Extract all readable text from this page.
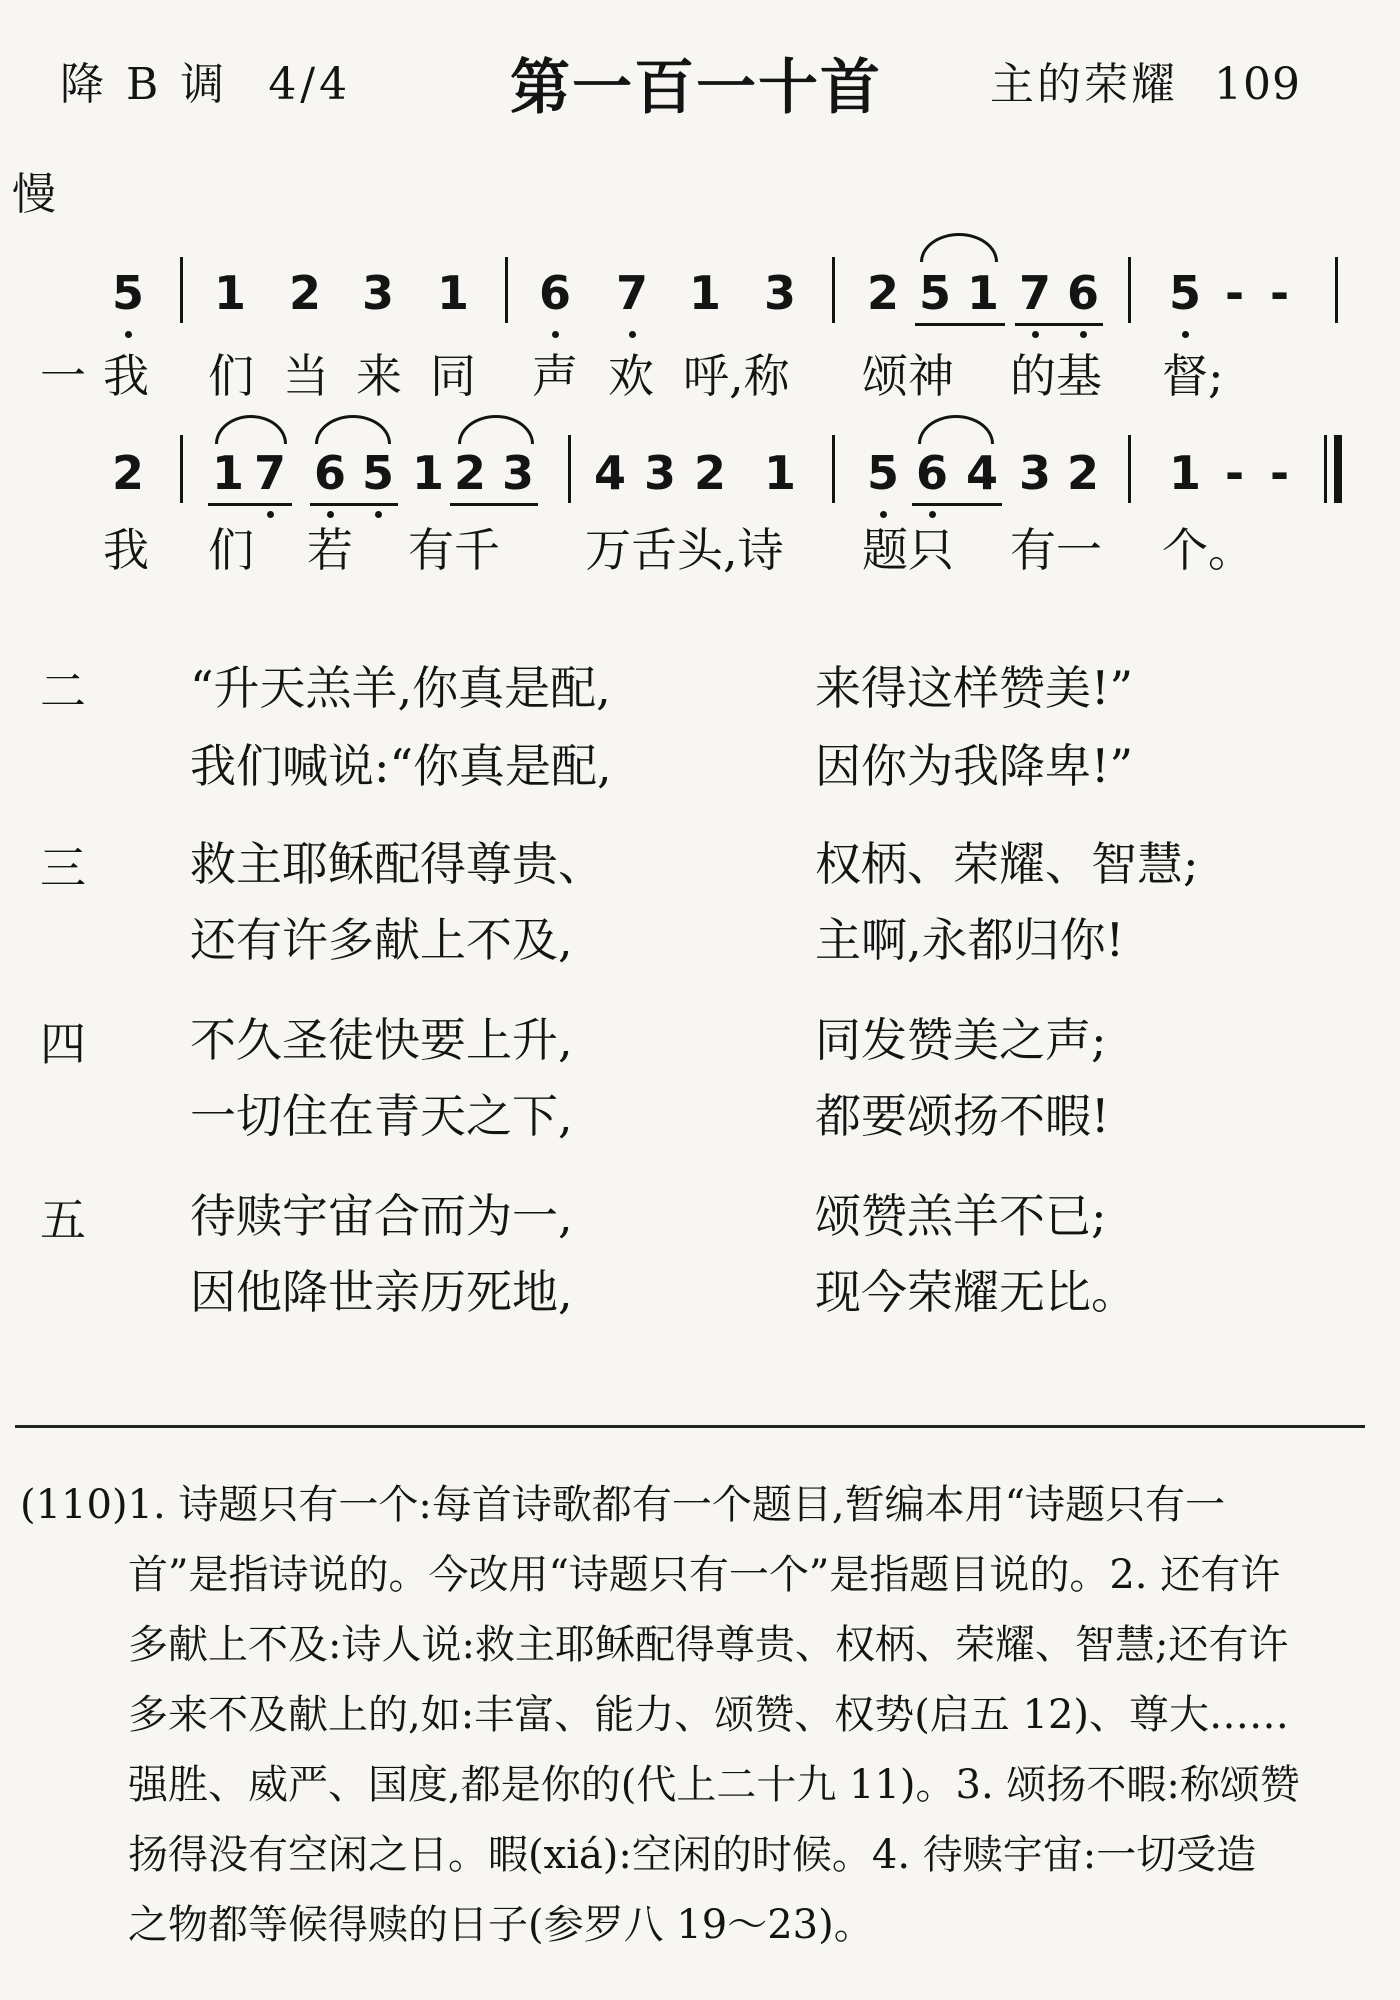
降 B 调 4/4	第一百一十首 主的荣耀 109
慢
5 1 2 3 1 6 7 1 3 2 5 1 7 6 5 - -
一 我 们 当 来 同 声 欢 呼,称 颂神 的基 督;
2 1 7 6 5 1 2 3 4 3 2 1 5 6 4 3 2 1 - -
我 们 若 有千 万舌头,诗 题只 有一 个。
二 “升天羔羊,你真是配,	来得这样赞美!”
我们喊说:“你真是配,	因你为我降卑!”
三 救主耶稣配得尊贵、	权柄、荣耀、智慧;
还有许多献上不及,	主啊,永都归你!
四 不久圣徒快要上升,	同发赞美之声;
一切住在青天之下,	都要颂扬不暇!
五 待赎宇宙合而为一,	颂赞羔羊不已;
因他降世亲历死地,	现今荣耀无比。

(110)1. 诗题只有一个:每首诗歌都有一个题目,暂编本用“诗题只有一

首”是指诗说的。今改用“诗题只有一个”是指题目说的。2. 还有许

多献上不及:诗人说:救主耶稣配得尊贵、权柄、荣耀、智慧;还有许

多来不及献上的,如:丰富、能力、颂赞、权势(启五 12)、尊大……

强胜、威严、国度,都是你的(代上二十九 11)。3. 颂扬不暇:称颂赞

扬得没有空闲之日。暇(xiá):空闲的时候。4. 待赎宇宙:一切受造

之物都等候得赎的日子(参罗八 19～23)。
